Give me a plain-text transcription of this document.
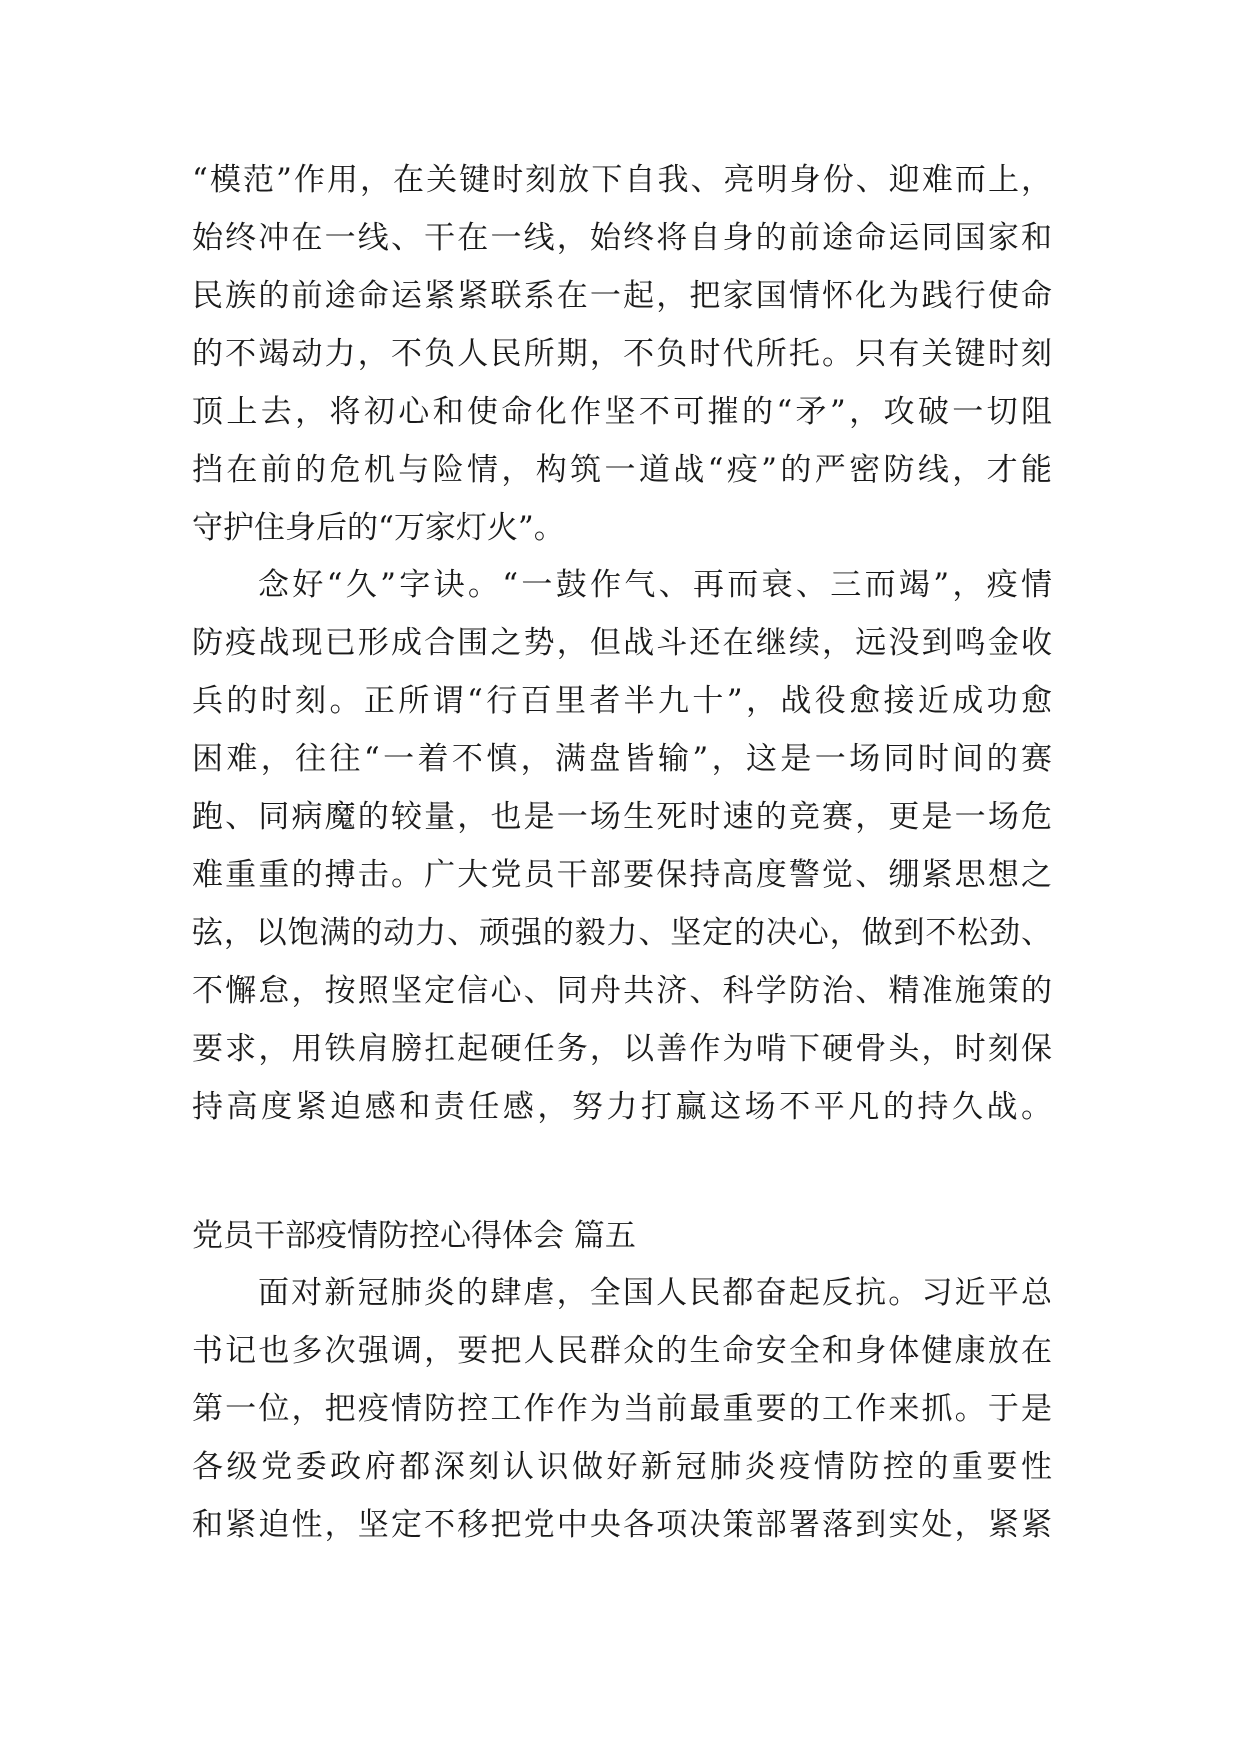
“模范”作用，在关键时刻放下自我、亮明身份、迎难而上，
始终冲在一线、干在一线，始终将自身的前途命运同国家和
民族的前途命运紧紧联系在一起，把家国情怀化为践行使命
的不竭动力，不负人民所期，不负时代所托。只有关键时刻
顶上去，将初心和使命化作坚不可摧的“矛”，攻破一切阻
挡在前的危机与险情，构筑一道战“疫”的严密防线，才能
守护住身后的“万家灯火”。
念好“久”字诀。“一鼓作气、再而衰、三而竭”，疫情
防疫战现已形成合围之势，但战斗还在继续，远没到鸣金收
兵的时刻。正所谓“行百里者半九十”，战役愈接近成功愈
困难，往往“一着不慎，满盘皆输”，这是一场同时间的赛
跑、同病魔的较量，也是一场生死时速的竞赛，更是一场危
难重重的搏击。广大党员干部要保持高度警觉、绷紧思想之
弦，以饱满的动力、顽强的毅力、坚定的决心，做到不松劲、
不懈怠，按照坚定信心、同舟共济、科学防治、精准施策的
要求，用铁肩膀扛起硬任务，以善作为啃下硬骨头，时刻保
持高度紧迫感和责任感，努力打赢这场不平凡的持久战。
党员干部疫情防控心得体会 篇五
面对新冠肺炎的肆虐，全国人民都奋起反抗。习近平总
书记也多次强调，要把人民群众的生命安全和身体健康放在
第一位，把疫情防控工作作为当前最重要的工作来抓。于是
各级党委政府都深刻认识做好新冠肺炎疫情防控的重要性
和紧迫性，坚定不移把党中央各项决策部署落到实处，紧紧
